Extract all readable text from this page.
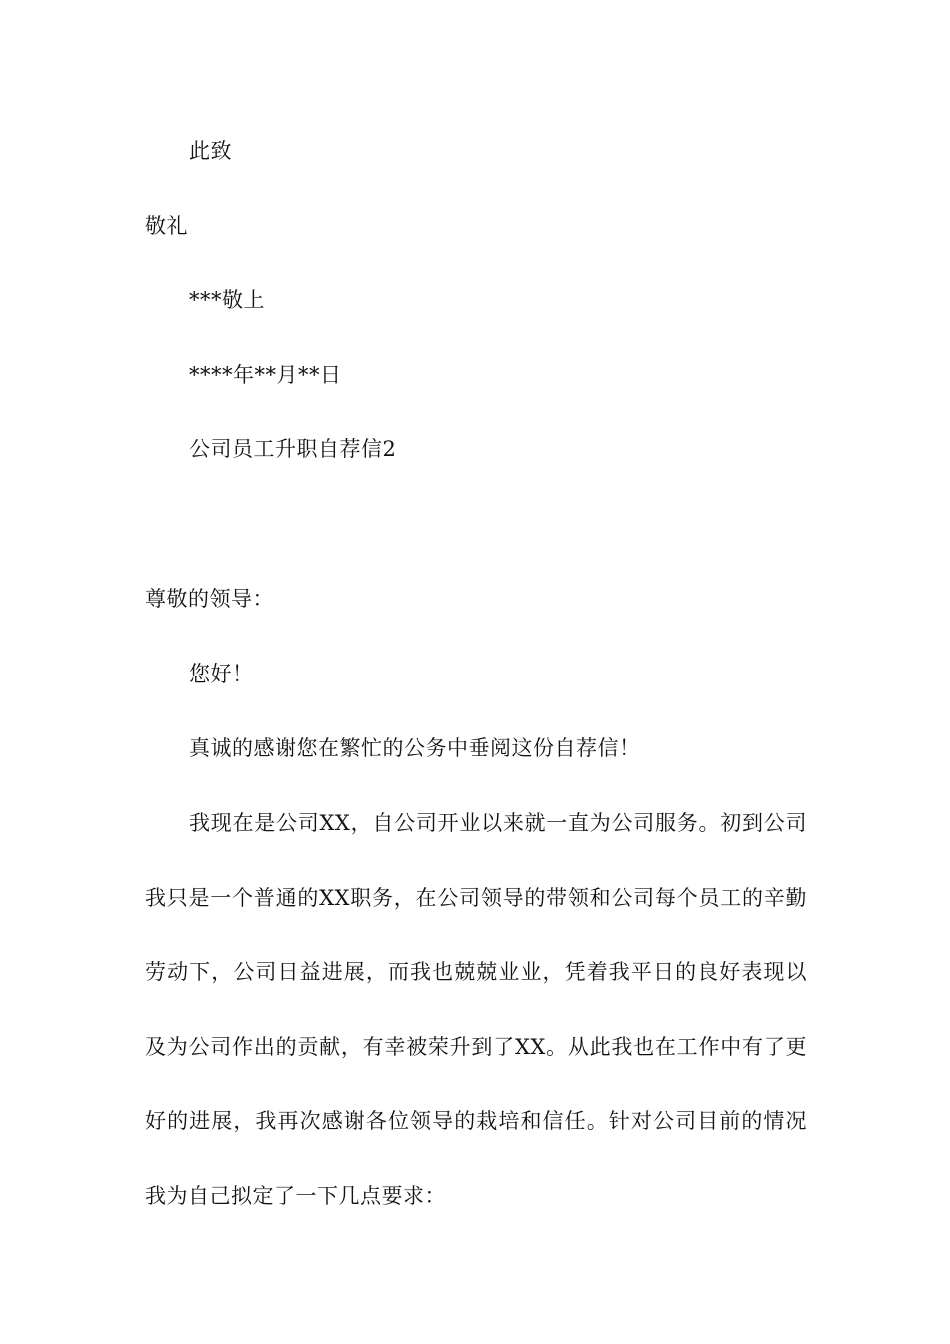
此致
敬礼
***敬上
****年**月**日
公司员工升职自荐信2
尊敬的领导：
您好！
真诚的感谢您在繁忙的公务中垂阅这份自荐信！
我现在是公司XX，自公司开业以来就一直为公司服务。初到公司我只是一个普通的XX职务，在公司领导的带领和公司每个员工的辛勤劳动下，公司日益进展，而我也兢兢业业，凭着我平日的良好表现以及为公司作出的贡献，有幸被荣升到了XX。从此我也在工作中有了更好的进展，我再次感谢各位领导的栽培和信任。针对公司目前的情况我为自己拟定了一下几点要求：
